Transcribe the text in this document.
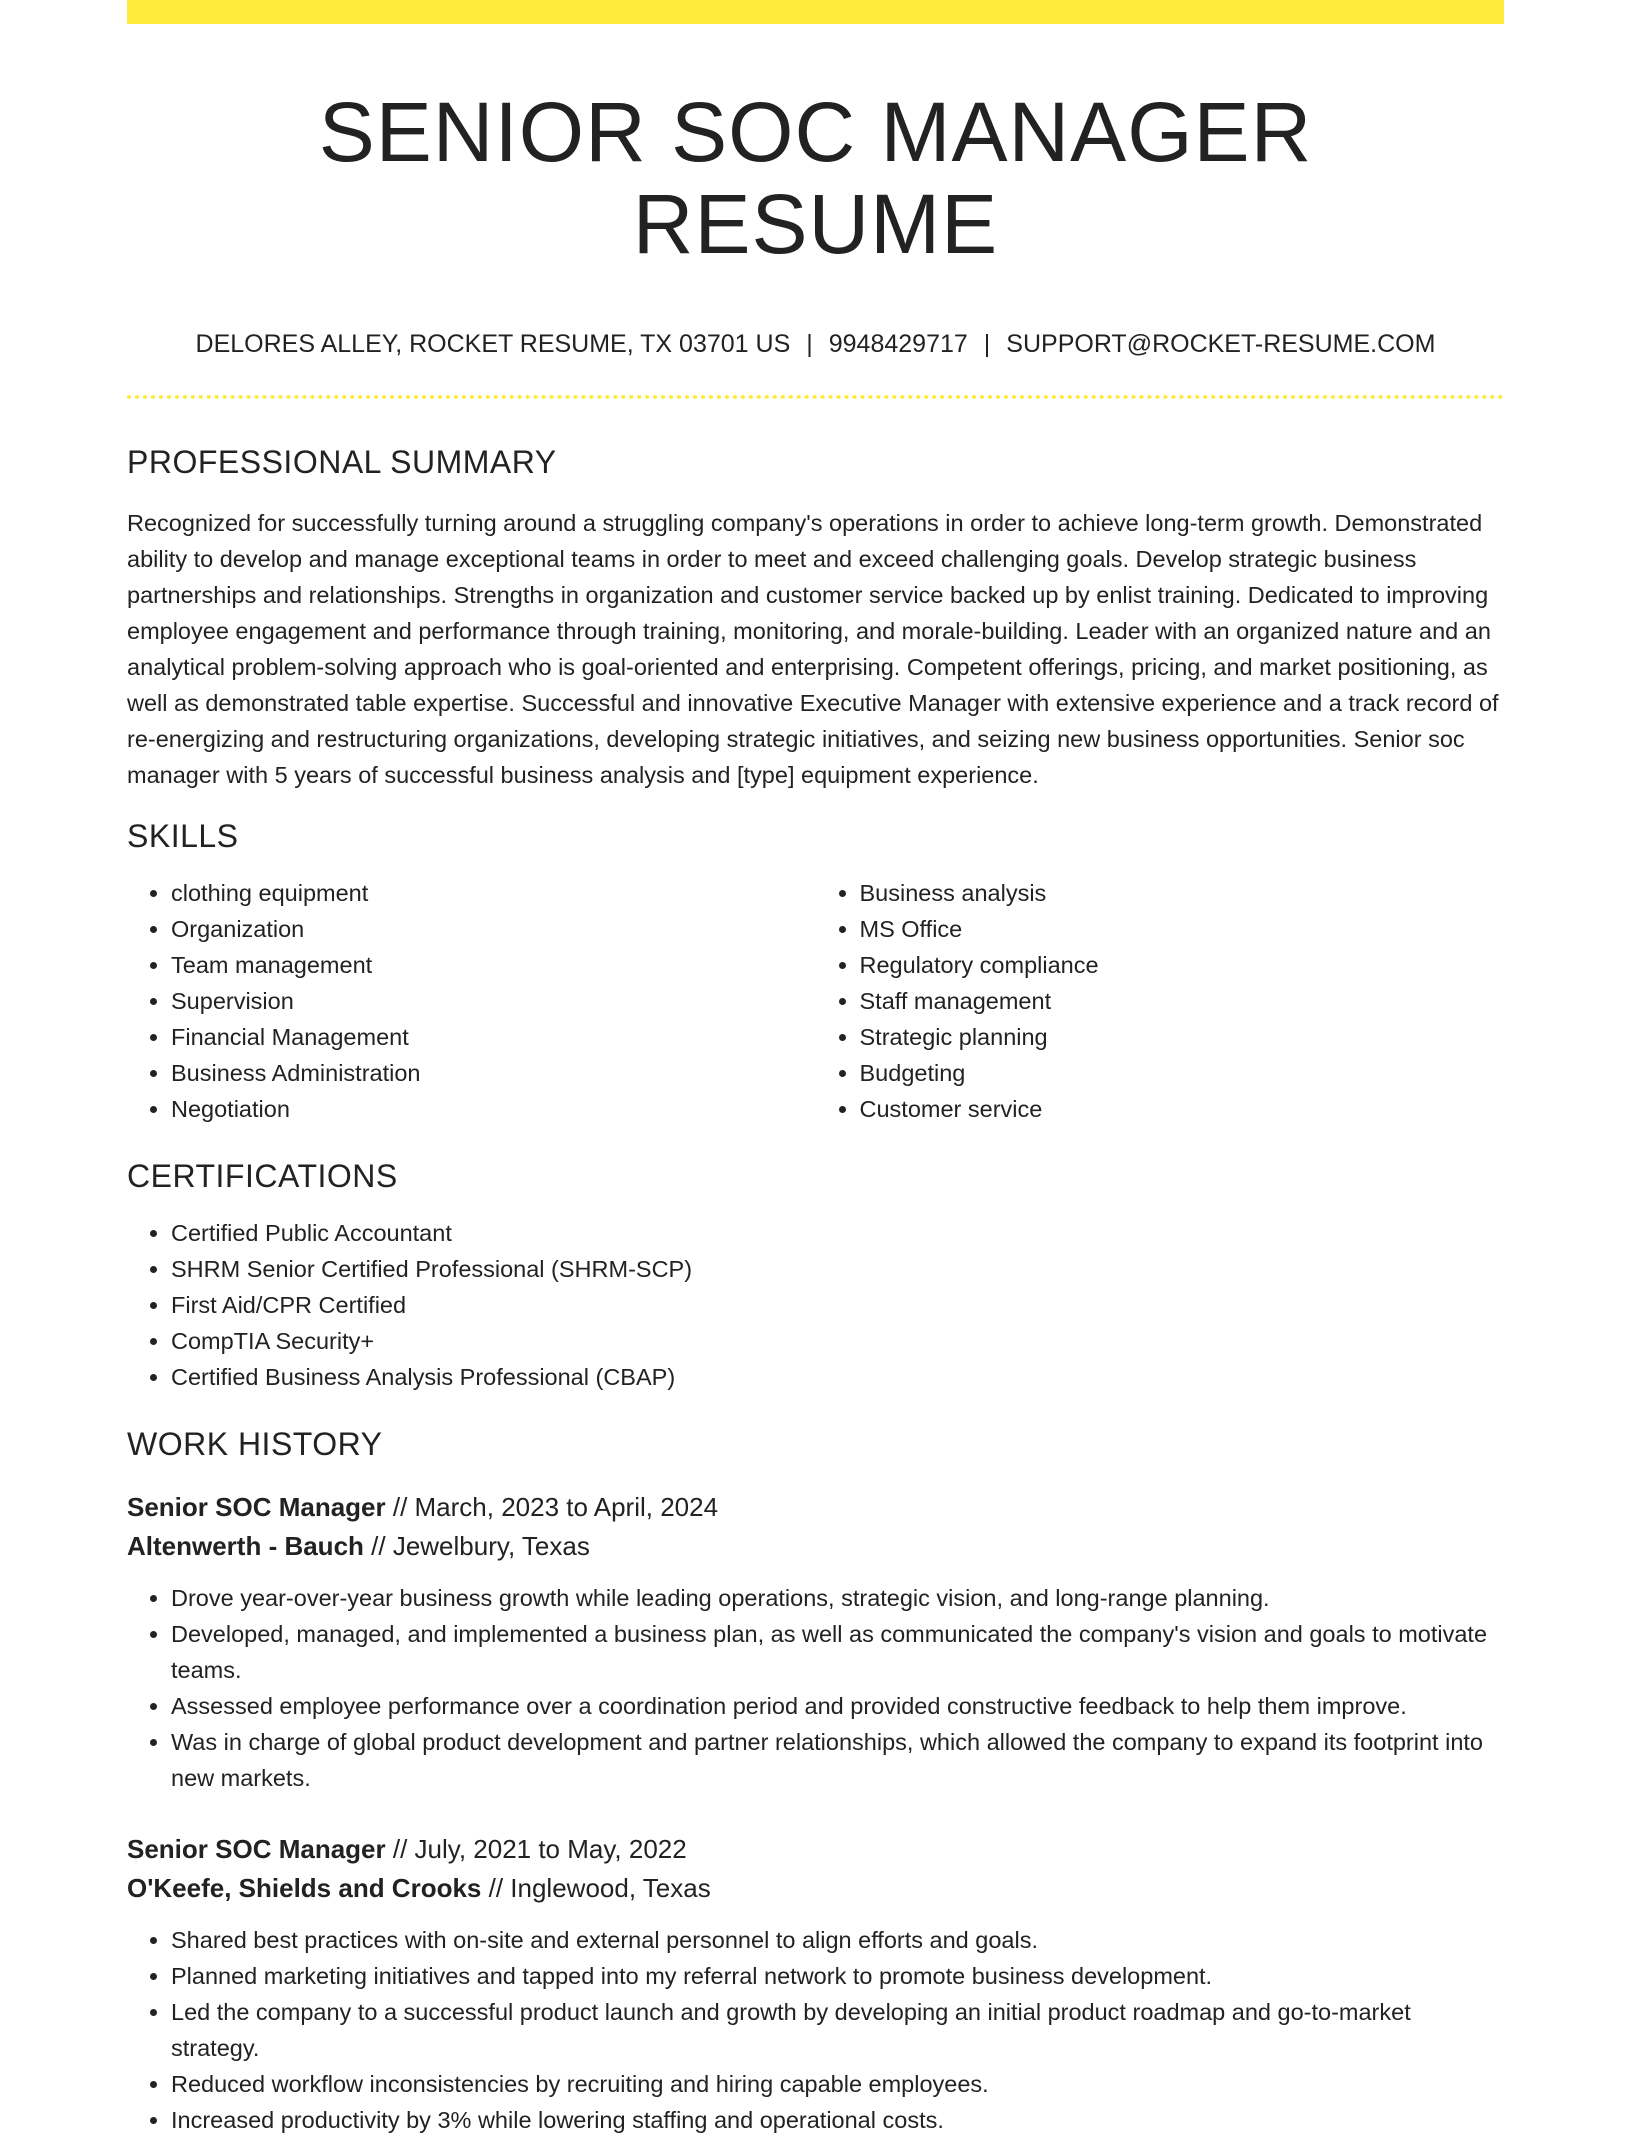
SENIOR SOC MANAGER RESUME
DELORES ALLEY, ROCKET RESUME, TX 03701 US | 9948429717 | SUPPORT@ROCKET-RESUME.COM
PROFESSIONAL SUMMARY

Recognized for successfully turning around a struggling company's operations in order to achieve long-term growth. Demonstrated ability to develop and manage exceptional teams in order to meet and exceed challenging goals. Develop strategic business partnerships and relationships. Strengths in organization and customer service backed up by enlist training. Dedicated to improving employee engagement and performance through training, monitoring, and morale-building. Leader with an organized nature and an analytical problem-solving approach who is goal-oriented and enterprising. Competent offerings, pricing, and market positioning, as well as demonstrated table expertise. Successful and innovative Executive Manager with extensive experience and a track record of re-energizing and restructuring organizations, developing strategic initiatives, and seizing new business opportunities. Senior soc manager with 5 years of successful business analysis and [type] equipment experience.

SKILLS
• clothing equipment
• Organization
• Team management
• Supervision
• Financial Management
• Business Administration
• Negotiation
• Business analysis
• MS Office
• Regulatory compliance
• Staff management
• Strategic planning
• Budgeting
• Customer service
CERTIFICATIONS
• Certified Public Accountant
• SHRM Senior Certified Professional (SHRM-SCP)
• First Aid/CPR Certified
• CompTIA Security+
• Certified Business Analysis Professional (CBAP)
WORK HISTORY
Senior SOC Manager // March, 2023 to April, 2024
Altenwerth - Bauch // Jewelbury, Texas
• Drove year-over-year business growth while leading operations, strategic vision, and long-range planning.
• Developed, managed, and implemented a business plan, as well as communicated the company's vision and goals to motivate teams.
• Assessed employee performance over a coordination period and provided constructive feedback to help them improve.
• Was in charge of global product development and partner relationships, which allowed the company to expand its footprint into new markets.
Senior SOC Manager // July, 2021 to May, 2022
O'Keefe, Shields and Crooks // Inglewood, Texas
• Shared best practices with on-site and external personnel to align efforts and goals.
• Planned marketing initiatives and tapped into my referral network to promote business development.
• Led the company to a successful product launch and growth by developing an initial product roadmap and go-to-market strategy.
• Reduced workflow inconsistencies by recruiting and hiring capable employees.
• Increased productivity by 3% while lowering staffing and operational costs.
